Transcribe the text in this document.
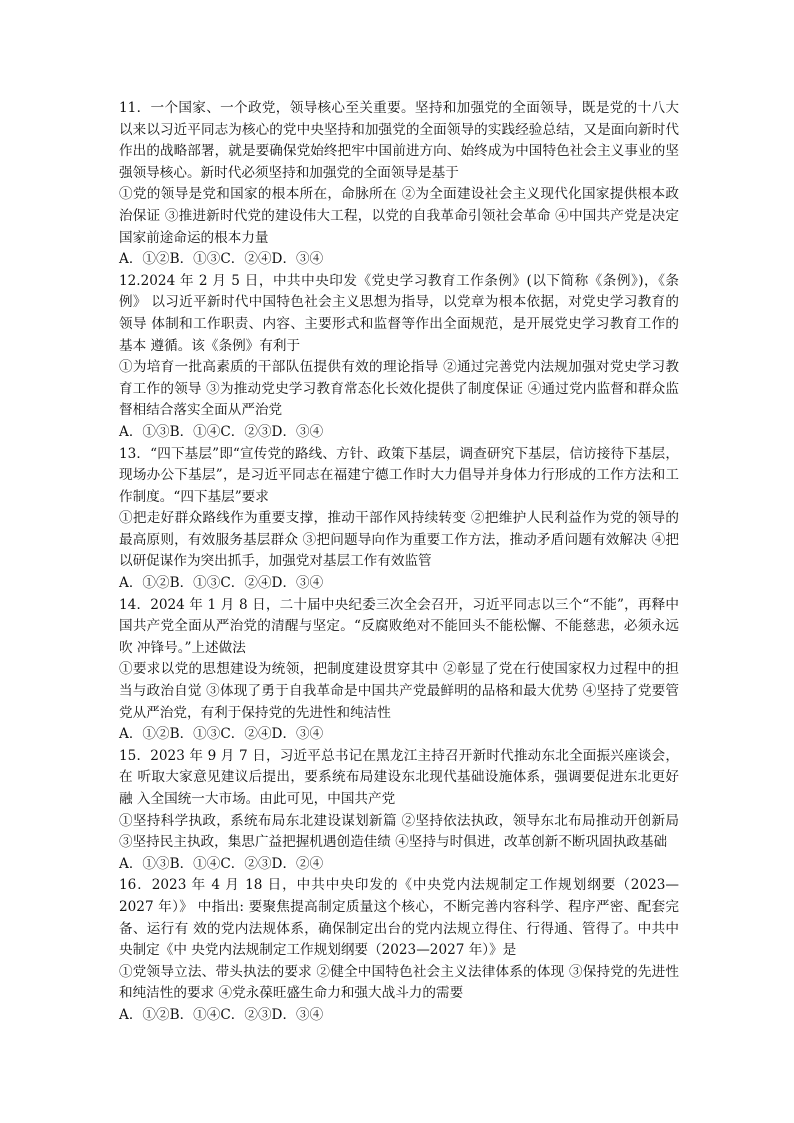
11．一个国家、一个政党，领导核心至关重要。坚持和加强党的全面领导，既是党的十八大以来以习近平同志为核心的党中央坚持和加强党的全面领导的实践经验总结，又是面向新时代作出的战略部署，就是要确保党始终把牢中国前进方向、始终成为中国特色社会主义事业的坚强领导核心。新时代必须坚持和加强党的全面领导是基于

①党的领导是党和国家的根本所在，命脉所在 ②为全面建设社会主义现代化国家提供根本政治保证 ③推进新时代党的建设伟大工程，以党的自我革命引领社会革命 ④中国共产党是决定国家前途命运的根本力量

A．①②B．①③C．②④D．③④

12.2024 年 2 月 5 日，中共中央印发《党史学习教育工作条例》(以下简称《条例》)，《条例》 以习近平新时代中国特色社会主义思想为指导，以党章为根本依据，对党史学习教育的领导 体制和工作职责、内容、主要形式和监督等作出全面规范，是开展党史学习教育工作的基本 遵循。该《条例》有利于

①为培育一批高素质的干部队伍提供有效的理论指导 ②通过完善党内法规加强对党史学习教育工作的领导 ③为推动党史学习教育常态化长效化提供了制度保证 ④通过党内监督和群众监督相结合落实全面从严治党

A．①③B．①④C．②③D．③④

13．“四下基层”即“宣传党的路线、方针、政策下基层，调查研究下基层，信访接待下基层，现场办公下基层”，是习近平同志在福建宁德工作时大力倡导并身体力行形成的工作方法和工 作制度。“四下基层”要求

①把走好群众路线作为重要支撑，推动干部作风持续转变 ②把维护人民利益作为党的领导的最高原则，有效服务基层群众 ③把问题导向作为重要工作方法，推动矛盾问题有效解决 ④把以研促谋作为突出抓手，加强党对基层工作有效监管

A．①②B．①③C．②④D．③④

14．2024 年 1 月 8 日，二十届中央纪委三次全会召开，习近平同志以三个“不能”，再释中国共产党全面从严治党的清醒与坚定。“反腐败绝对不能回头不能松懈、不能慈悲，必须永远吹 冲锋号。”上述做法

①要求以党的思想建设为统领，把制度建设贯穿其中 ②彰显了党在行使国家权力过程中的担当与政治自觉 ③体现了勇于自我革命是中国共产党最鲜明的品格和最大优势 ④坚持了党要管党从严治党，有利于保持党的先进性和纯洁性

A．①②B．①③C．②④D．③④

15．2023 年 9 月 7 日，习近平总书记在黑龙江主持召开新时代推动东北全面振兴座谈会，在 听取大家意见建议后提出，要系统布局建设东北现代基础设施体系，强调要促进东北更好融 入全国统一大市场。由此可见，中国共产党

①坚持科学执政，系统布局东北建设谋划新篇 ②坚持依法执政，领导东北布局推动开创新局 ③坚持民主执政，集思广益把握机遇创造佳绩 ④坚持与时俱进，改革创新不断巩固执政基础

A．①③B．①④C．②③D．②④

16．2023 年 4 月 18 日，中共中央印发的《中央党内法规制定工作规划纲要（2023—2027 年）》 中指出: 要聚焦提高制定质量这个核心，不断完善内容科学、程序严密、配套完备、运行有 效的党内法规体系，确保制定出台的党内法规立得住、行得通、管得了。中共中央制定《中 央党内法规制定工作规划纲要（2023—2027 年）》是

①党领导立法、带头执法的要求 ②健全中国特色社会主义法律体系的体现 ③保持党的先进性和纯洁性的要求 ④党永葆旺盛生命力和强大战斗力的需要

A．①②B．①④C．②③D．③④
